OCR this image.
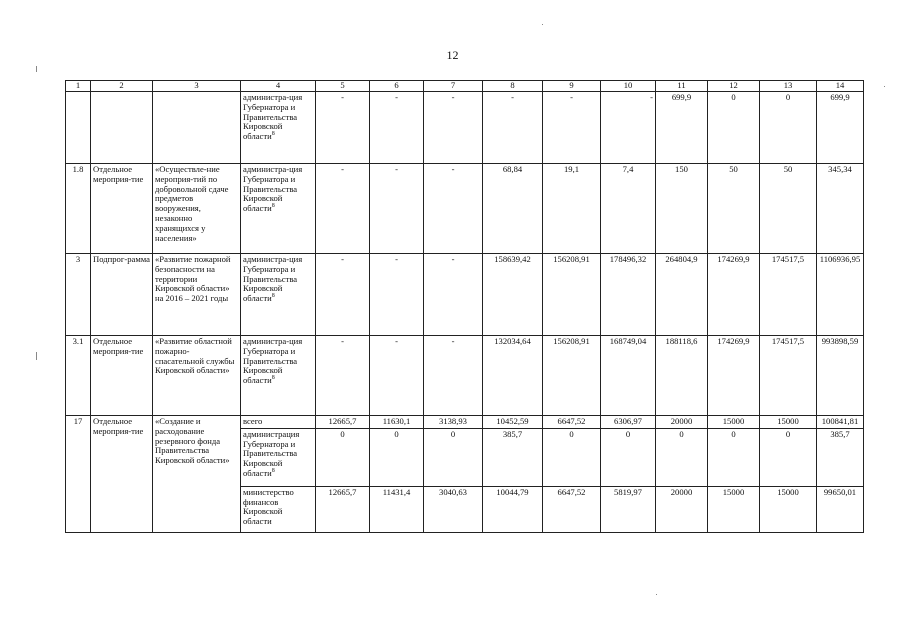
12
1	2	3	4	5	6	7	8	9	10	11	12	13	14
			администра-ция Губернатора и Правительства Кировской области$^8$	-	-	-	-	-	-	699,9	0	0	699,9
1.8	Отдельное мероприя-тие	«Осуществле-ние мероприя-тий по добровольной сдаче предметов вооружения, незаконно хранящихся у населения»	администра-ция Губернатора и Правительства Кировской области$^8$	-	-	-	68,84	19,1	7,4	150	50	50	345,34
3	Подпрог-рамма	«Развитие пожарной безопасности на территории Кировской области» на 2016 – 2021 годы	администра-ция Губернатора и Правительства Кировской области$^8$	-	-	-	158639,42	156208,91	178496,32	264804,9	174269,9	174517,5	1106936,95
3.1	Отдельное мероприя-тие	«Развитие областной пожарно-спасательной службы Кировской области»	администра-ция Губернатора и Правительства Кировской области$^8$	-	-	-	132034,64	156208,91	168749,04	188118,6	174269,9	174517,5	993898,59
17	Отдельное мероприя-тие	«Создание и расходование резервного фонда Правительства Кировской области»	всего	12665,7	11630,1	3138,93	10452,59	6647,52	6306,97	20000	15000	15000	100841,81
			администрация Губернатора и Правительства Кировской области$^8$	0	0	0	385,7	0	0	0	0	0	385,7
			министерство финансов Кировской области	12665,7	11431,4	3040,63	10044,79	6647,52	5819,97	20000	15000	15000	99650,01
